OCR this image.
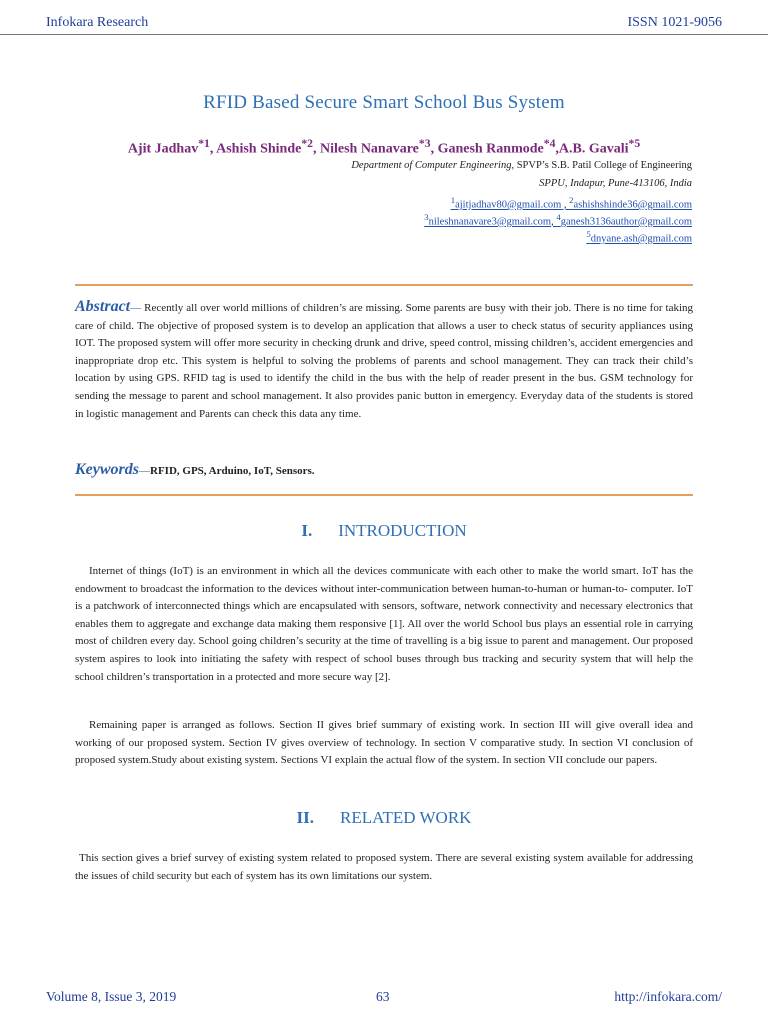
Infokara Research	ISSN 1021-9056
RFID Based Secure Smart School Bus System
Ajit Jadhav$^{*1}$, Ashish Shinde$^{*2}$, Nilesh Nanavare$^{*3}$, Ganesh Ranmode$^{*4}$,A.B. Gavali$^{*5}$
Department of Computer Engineering, SPVP’s S.B. Patil College of Engineering
SPPU, Indapur, Pune-413106, India
$^1$ajitjadhav80@gmail.com , $^2$ashishshinde36@gmail.com
$^3$nileshnanavare3@gmail.com, $^4$ganesh3136author@gmail.com
$^5$dnyane.ash@gmail.com
Abstract— Recently all over world millions of children’s are missing. Some parents are busy with their job. There is no time for taking care of child. The objective of proposed system is to develop an application that allows a user to check status of security appliances using IOT. The proposed system will offer more security in checking drunk and drive, speed control, missing children’s, accident emergencies and inappropriate drop etc. This system is helpful to solving the problems of parents and school management. They can track their child’s location by using GPS. RFID tag is used to identify the child in the bus with the help of reader present in the bus. GSM technology for sending the message to parent and school management. It also provides panic button in emergency. Everyday data of the students is stored in logistic management and Parents can check this data any time.
Keywords—RFID, GPS, Arduino, IoT, Sensors.
I. INTRODUCTION
Internet of things (IoT) is an environment in which all the devices communicate with each other to make the world smart. IoT has the endowment to broadcast the information to the devices without inter-communication between human-to-human or human-to- computer. IoT is a patchwork of interconnected things which are encapsulated with sensors, software, network connectivity and necessary electronics that enables them to aggregate and exchange data making them responsive [1]. All over the world School bus plays an essential role in carrying most of children every day. School going children’s security at the time of travelling is a big issue to parent and management. Our proposed system aspires to look into initiating the safety with respect of school buses through bus tracking and security system that will help the school children’s transportation in a protected and more secure way [2].
Remaining paper is arranged as follows. Section II gives brief summary of existing work. In section III will give overall idea and working of our proposed system. Section IV gives overview of technology. In section V comparative study. In section VI conclusion of proposed system.Study about existing system. Sections VI explain the actual flow of the system. In section VII conclude our papers.
II. RELATED WORK
This section gives a brief survey of existing system related to proposed system. There are several existing system available for addressing the issues of child security but each of system has its own limitations our system.
Volume 8, Issue 3, 2019	63	http://infokara.com/
